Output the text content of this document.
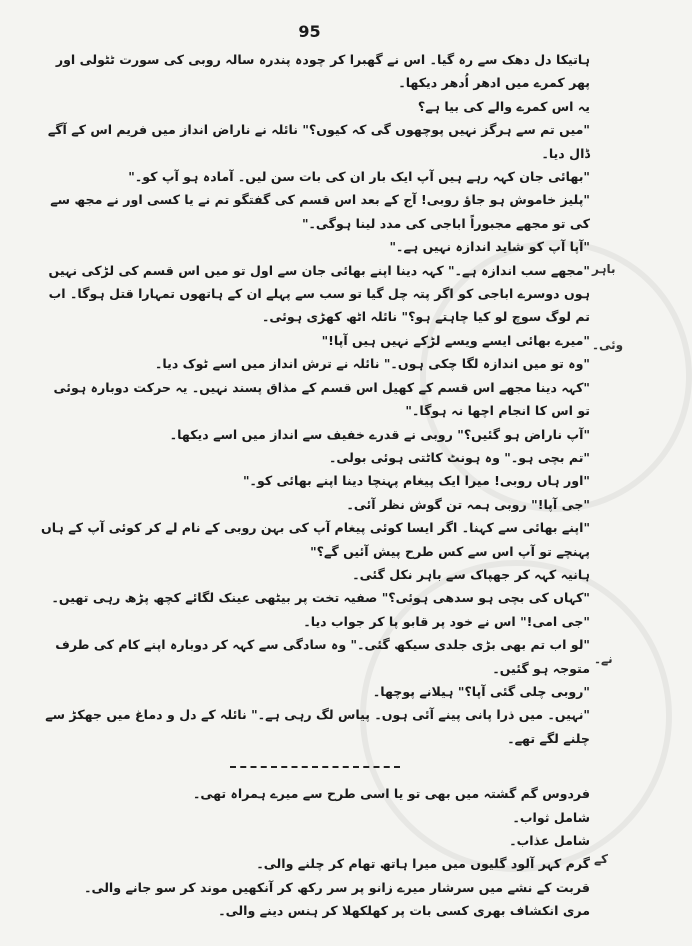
95

ہاتیکا دل دھک سے رہ گیا۔ اس نے گھبرا کر چودہ پندرہ سالہ روبی کی سورت ٹٹولی اور پھر کمرے میں ادھر اُدھر دیکھا۔

یہ اس کمرے والے کی بیا ہے؟

"میں تم سے ہرگز نہیں پوچھوں گی کہ کیوں؟" نائلہ نے ناراض انداز میں فریم اس کے آگے ڈال دیا۔

"بھائی جان کہہ رہے ہیں آپ ایک بار ان کی بات سن لیں۔ آمادہ ہو آپ کو۔"

"پلیز خاموش ہو جاؤ روبی! آج کے بعد اس قسم کی گفتگو تم نے یا کسی اور نے مجھ سے کی تو مجھے مجبوراً اباجی کی مدد لینا ہوگی۔"

"آپا آپ کو شاید اندازہ نہیں ہے۔"

"مجھے سب اندازہ ہے۔" کہہ دینا اپنے بھائی جان سے اول تو میں اس قسم کی لڑکی نہیں ہوں دوسرے اباجی کو اگر پتہ چل گیا تو سب سے پہلے ان کے ہاتھوں تمہارا قتل ہوگا۔ اب تم لوگ سوچ لو کیا چاہتے ہو؟" نائلہ اٹھ کھڑی ہوئی۔

"میرے بھائی ایسے ویسے لڑکے نہیں ہیں آپا!"

"وہ تو میں اندازہ لگا چکی ہوں۔" نائلہ نے ترش انداز میں اسے ٹوک دیا۔

"کہہ دینا مجھے اس قسم کے کھیل اس قسم کے مذاق پسند نہیں۔ یہ حرکت دوبارہ ہوئی تو اس کا انجام اچھا نہ ہوگا۔"

"آپ ناراض ہو گئیں؟" روبی نے قدرے خفیف سے انداز میں اسے دیکھا۔

"تم بچی ہو۔" وہ ہونٹ کاٹتی ہوئی بولی۔

"اور ہاں روبی! میرا ایک پیغام پہنچا دینا اپنے بھائی کو۔"

"جی آپا!" روبی ہمہ تن گوش نظر آئی۔

"اپنے بھائی سے کہنا۔ اگر ایسا کوئی پیغام آپ کی بہن روبی کے نام لے کر کوئی آپ کے ہاں پہنچے تو آپ اس سے کس طرح پیش آئیں گے؟"

ہانیہ کہہ کر جھپاک سے باہر نکل گئی۔

"کہاں کی بچی ہو سدھی ہوئی؟" صفیہ تخت پر بیٹھی عینک لگائے کچھ پڑھ رہی تھیں۔

"جی امی!" اس نے خود پر قابو پا کر جواب دیا۔

"لو اب تم بھی بڑی جلدی سیکھ گئی۔" وہ سادگی سے کہہ کر دوبارہ اپنے کام کی طرف متوجہ ہو گئیں۔

"روبی چلی گئی آپا؟" ہیلانے پوچھا۔

"نہیں۔ میں ذرا پانی پینے آئی ہوں۔ پیاس لگ رہی ہے۔" نائلہ کے دل و دماغ میں جھکڑ سے چلنے لگے تھے۔

فردوس گم گشتہ میں بھی تو یا اسی طرح سے میرے ہمراہ تھی۔

شامل ثواب۔

شامل عذاب۔

گرم کہر آلود گلیوں میں میرا ہاتھ تھام کر چلنے والی۔

قربت کے نشے میں سرشار میرے زانو پر سر رکھ کر آنکھیں موند کر سو جانے والی۔

مری انکشاف بھری کسی بات پر کھلکھلا کر ہنس دینے والی۔

باہر
وئی۔
نے۔
کے
